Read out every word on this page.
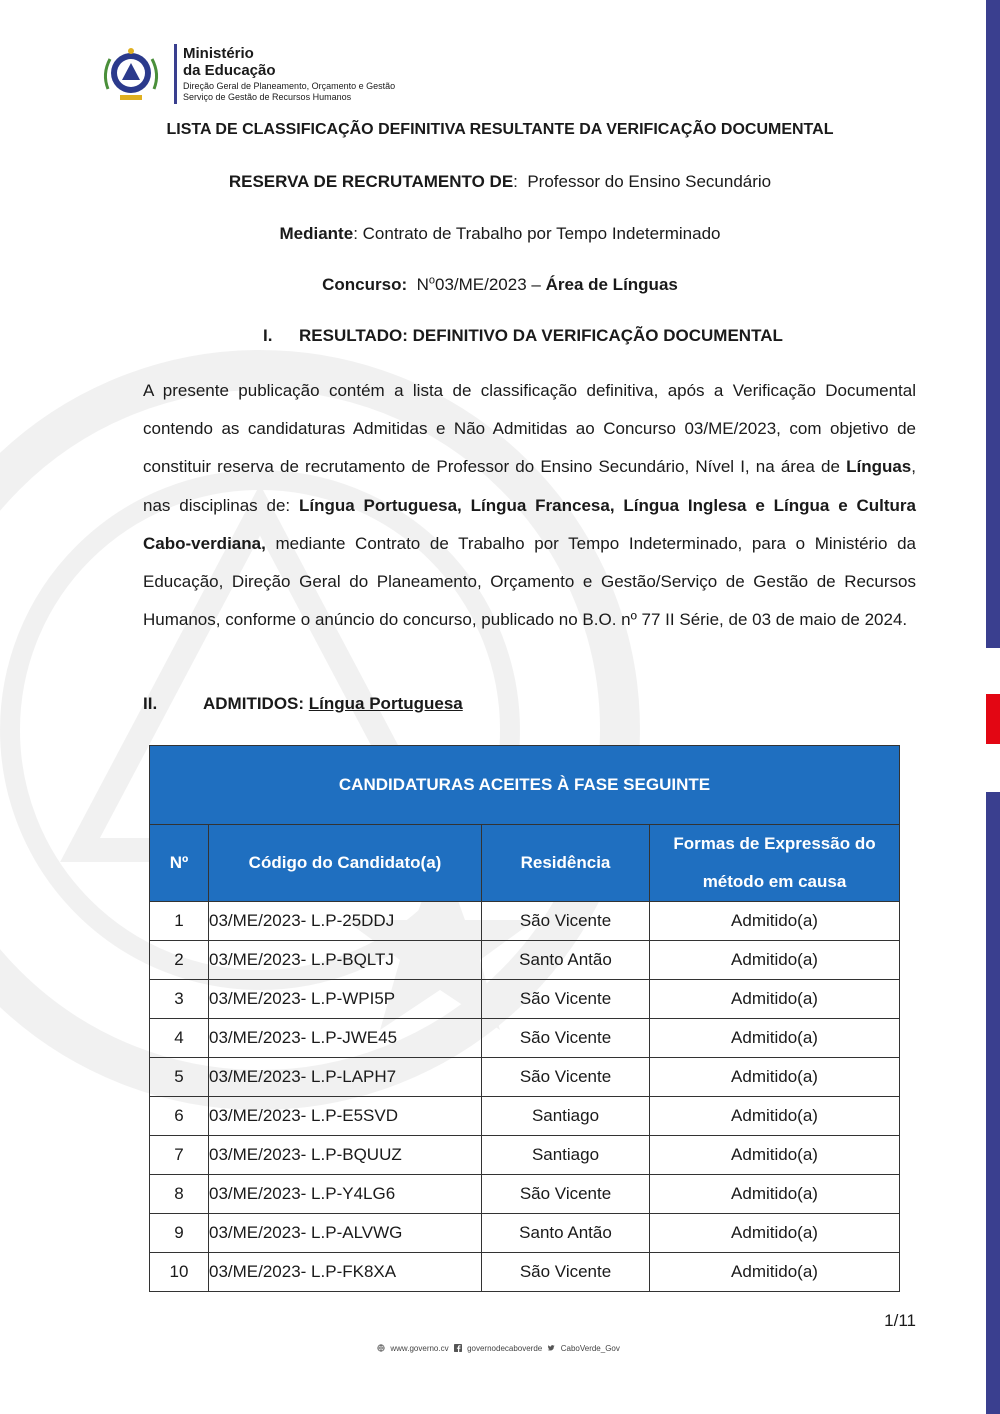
Ministério
da Educação
Direção Geral de Planeamento, Orçamento e Gestão
Serviço de Gestão de Recursos Humanos
LISTA DE CLASSIFICAÇÃO DEFINITIVA RESULTANTE DA VERIFICAÇÃO DOCUMENTAL
RESERVA DE RECRUTAMENTO DE:  Professor do Ensino Secundário
Mediante: Contrato de Trabalho por Tempo Indeterminado
Concurso: $N^o03/ME/2023$ – Área de Línguas
I. RESULTADO: DEFINITIVO DA VERIFICAÇÃO DOCUMENTAL
A presente publicação contém a lista de classificação definitiva, após a Verificação Documental contendo as candidaturas Admitidas e Não Admitidas ao Concurso 03/ME/2023, com objetivo de constituir reserva de recrutamento de Professor do Ensino Secundário, Nível I, na área de Línguas, nas disciplinas de: Língua Portuguesa, Língua Francesa, Língua Inglesa e Língua e Cultura Cabo-verdiana, mediante Contrato de Trabalho por Tempo Indeterminado, para o Ministério da Educação, Direção Geral do Planeamento, Orçamento e Gestão/Serviço de Gestão de Recursos Humanos, conforme o anúncio do concurso, publicado no B.O. nº 77 II Série, de 03 de maio de 2024.
II.	ADMITIDOS: Língua Portuguesa
CANDIDATURAS ACEITES À FASE SEGUINTE			
Nº	Código do Candidato(a)	Residência	Formas de Expressão do método em causa
1	03/ME/2023- L.P-25DDJ	São Vicente	Admitido(a)
2	03/ME/2023- L.P-BQLTJ	Santo Antão	Admitido(a)
3	03/ME/2023- L.P-WPI5P	São Vicente	Admitido(a)
4	03/ME/2023- L.P-JWE45	São Vicente	Admitido(a)
5	03/ME/2023- L.P-LAPH7	São Vicente	Admitido(a)
6	03/ME/2023- L.P-E5SVD	Santiago	Admitido(a)
7	03/ME/2023- L.P-BQUUZ	Santiago	Admitido(a)
8	03/ME/2023- L.P-Y4LG6	São Vicente	Admitido(a)
9	03/ME/2023- L.P-ALVWG	Santo Antão	Admitido(a)
10	03/ME/2023- L.P-FK8XA	São Vicente	Admitido(a)
1/11
www.governo.cv governodecaboverde CaboVerde_Gov
